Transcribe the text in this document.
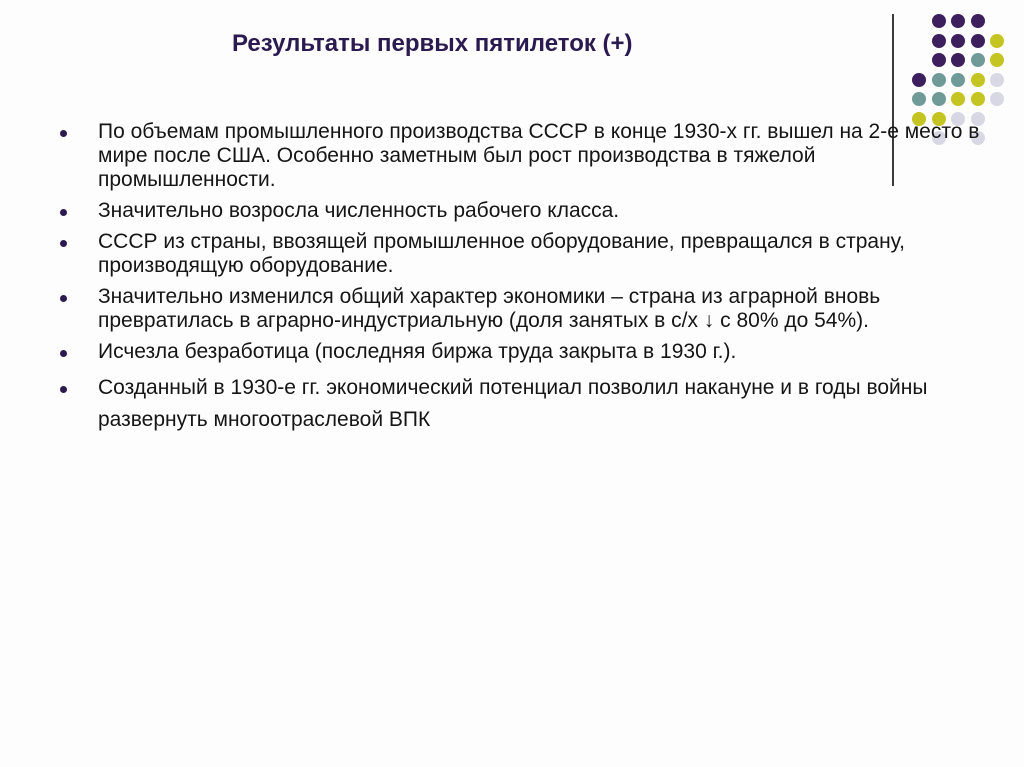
Результаты первых пятилеток (+)
По объемам промышленного производства СССР в конце 1930-х гг. вышел на 2-е место в мире после США. Особенно заметным был рост производства в тяжелой промышленности.
Значительно возросла численность рабочего класса.
СССР из страны, ввозящей промышленное оборудование, превращался в страну, производящую оборудование.
Значительно изменился общий характер экономики – страна из аграрной вновь превратилась в аграрно-индустриальную (доля занятых в с/х ↓ с 80% до 54%).
Исчезла безработица (последняя биржа труда закрыта в 1930 г.).
Созданный в 1930-е гг. экономический потенциал позволил накануне и в годы войны развернуть многоотраслевой ВПК
